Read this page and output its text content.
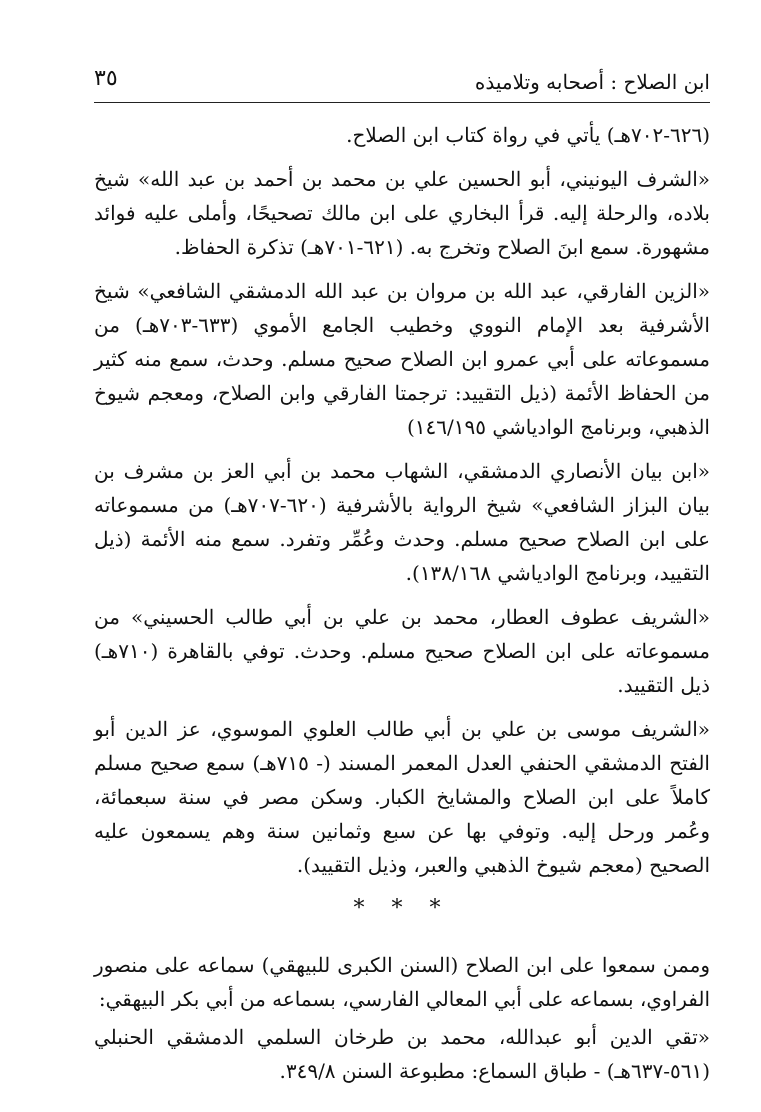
ابن الصلاح : أصحابه وتلاميذه
٣٥

(٦٢٦-٧٠٢هـ) يأتي في رواة كتاب ابن الصلاح.

«الشرف اليونيني، أبو الحسين علي بن محمد بن أحمد بن عبد الله» شيخ بلاده، والرحلة إليه. قرأ البخاري على ابن مالك تصحيحًا، وأملى عليه فوائد مشهورة. سمع ابنَ الصلاح وتخرج به. (٦٢١-٧٠١هـ) تذكرة الحفاظ.

«الزين الفارقي، عبد الله بن مروان بن عبد الله الدمشقي الشافعي» شيخ الأشرفية بعد الإمام النووي وخطيب الجامع الأموي (٦٣٣-٧٠٣هـ) من مسموعاته على أبي عمرو ابن الصلاح صحيح مسلم. وحدث، سمع منه كثير من الحفاظ الأئمة (ذيل التقييد: ترجمتا الفارقي وابن الصلاح، ومعجم شيوخ الذهبي، وبرنامج الوادياشي ١٤٦/١٩٥)

«ابن بيان الأنصاري الدمشقي، الشهاب محمد بن أبي العز بن مشرف بن بيان البزاز الشافعي» شيخ الرواية بالأشرفية (٦٢٠-٧٠٧هـ) من مسموعاته على ابن الصلاح صحيح مسلم. وحدث وعُمِّر وتفرد. سمع منه الأئمة (ذيل التقييد، وبرنامج الوادياشي ١٣٨/١٦٨).

«الشريف عطوف العطار، محمد بن علي بن أبي طالب الحسيني» من مسموعاته على ابن الصلاح صحيح مسلم. وحدث. توفي بالقاهرة (٧١٠هـ) ذيل التقييد.

«الشريف موسى بن علي بن أبي طالب العلوي الموسوي، عز الدين أبو الفتح الدمشقي الحنفي العدل المعمر المسند (- ٧١٥هـ) سمع صحيح مسلم كاملاً على ابن الصلاح والمشايخ الكبار. وسكن مصر في سنة سبعمائة، وعُمر ورحل إليه. وتوفي بها عن سبع وثمانين سنة وهم يسمعون عليه الصحيح (معجم شيوخ الذهبي والعبر، وذيل التقييد).

* * *

وممن سمعوا على ابن الصلاح (السنن الكبرى للبيهقي) سماعه على منصور الفراوي، بسماعه على أبي المعالي الفارسي، بسماعه من أبي بكر البيهقي:

«تقي الدين أبو عبدالله، محمد بن طرخان السلمي الدمشقي الحنبلي (٥٦١-٦٣٧هـ) - طباق السماع: مطبوعة السنن ٣٤٩/٨.
